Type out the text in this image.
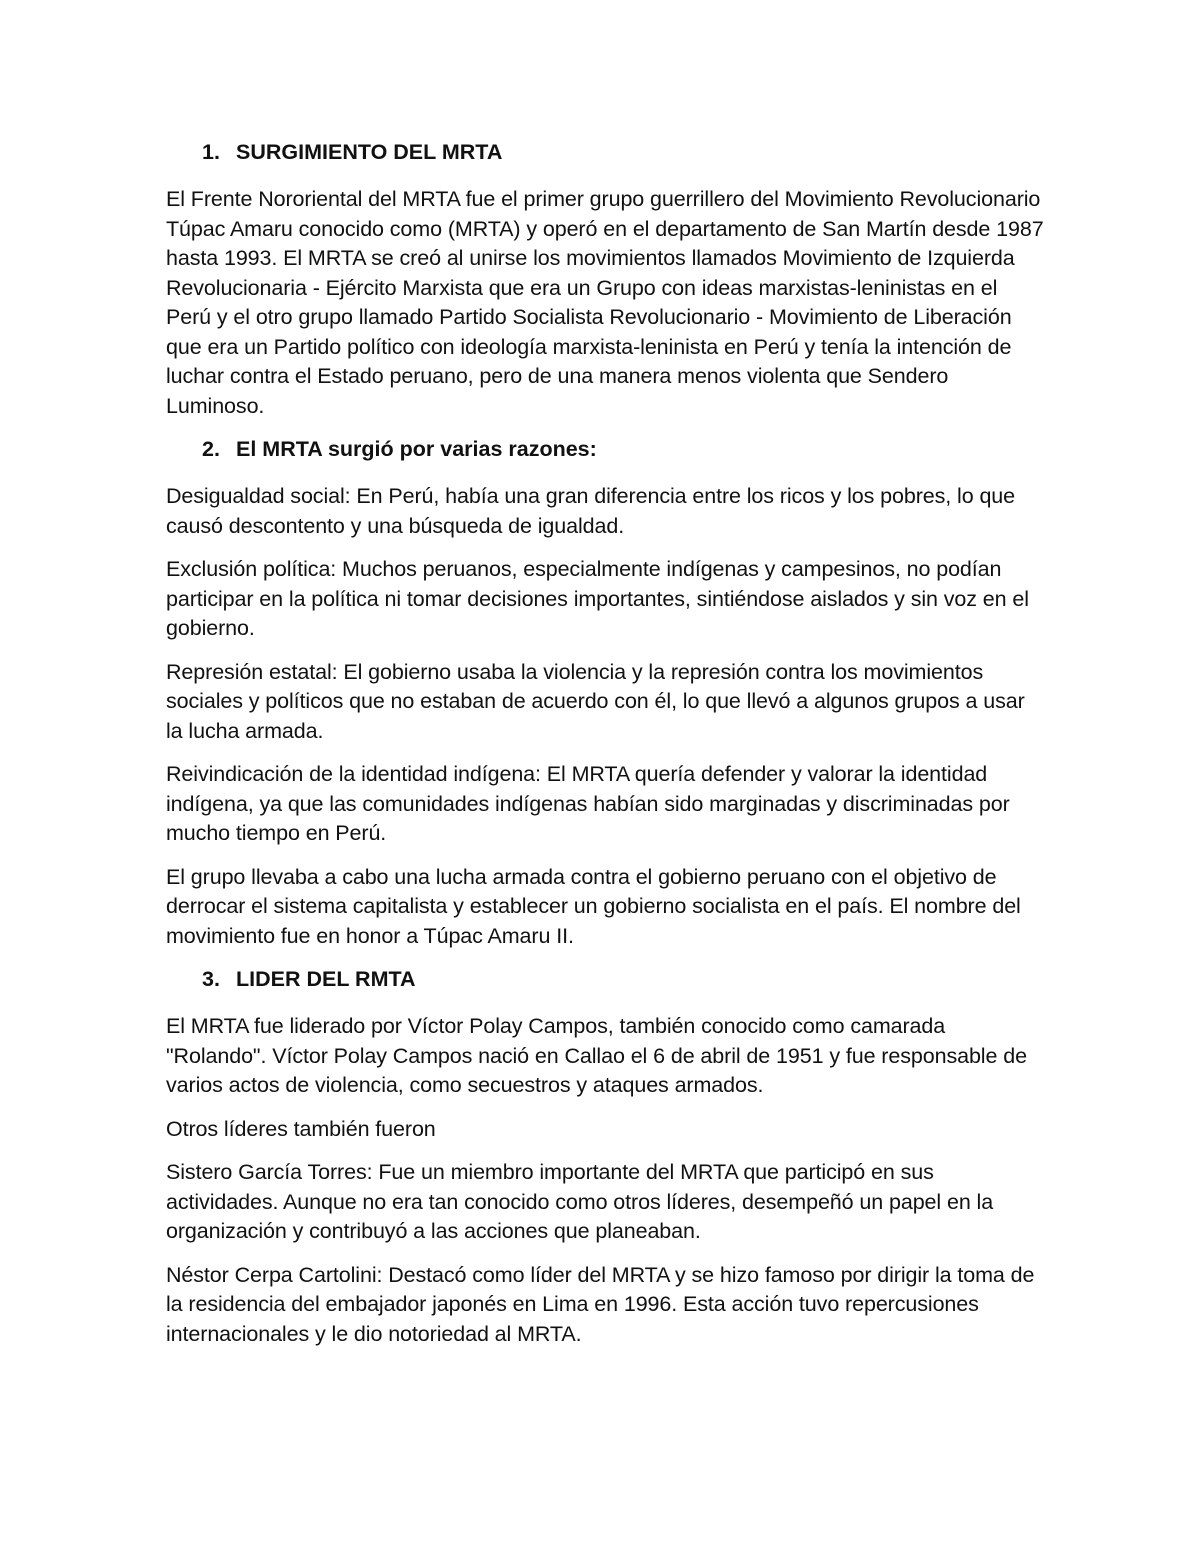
1. SURGIMIENTO DEL MRTA

El Frente Nororiental del MRTA fue el primer grupo guerrillero del Movimiento Revolucionario Túpac Amaru conocido como (MRTA) y operó en el departamento de San Martín desde 1987 hasta 1993. El MRTA se creó al unirse los movimientos llamados Movimiento de Izquierda Revolucionaria - Ejército Marxista que era un Grupo con ideas marxistas-leninistas en el Perú y el otro grupo llamado Partido Socialista Revolucionario - Movimiento de Liberación que era un Partido político con ideología marxista-leninista en Perú y tenía la intención de luchar contra el Estado peruano, pero de una manera menos violenta que Sendero Luminoso.

2. El MRTA surgió por varias razones:

Desigualdad social: En Perú, había una gran diferencia entre los ricos y los pobres, lo que causó descontento y una búsqueda de igualdad.

Exclusión política: Muchos peruanos, especialmente indígenas y campesinos, no podían participar en la política ni tomar decisiones importantes, sintiéndose aislados y sin voz en el gobierno.

Represión estatal: El gobierno usaba la violencia y la represión contra los movimientos sociales y políticos que no estaban de acuerdo con él, lo que llevó a algunos grupos a usar la lucha armada.

Reivindicación de la identidad indígena: El MRTA quería defender y valorar la identidad indígena, ya que las comunidades indígenas habían sido marginadas y discriminadas por mucho tiempo en Perú.

El grupo llevaba a cabo una lucha armada contra el gobierno peruano con el objetivo de derrocar el sistema capitalista y establecer un gobierno socialista en el país. El nombre del movimiento fue en honor a Túpac Amaru II.

3. LIDER DEL RMTA

El MRTA fue liderado por Víctor Polay Campos, también conocido como camarada "Rolando". Víctor Polay Campos nació en Callao el 6 de abril de 1951 y fue responsable de varios actos de violencia, como secuestros y ataques armados.

Otros líderes también fueron

Sistero García Torres: Fue un miembro importante del MRTA que participó en sus actividades. Aunque no era tan conocido como otros líderes, desempeñó un papel en la organización y contribuyó a las acciones que planeaban.

Néstor Cerpa Cartolini: Destacó como líder del MRTA y se hizo famoso por dirigir la toma de la residencia del embajador japonés en Lima en 1996. Esta acción tuvo repercusiones internacionales y le dio notoriedad al MRTA.
